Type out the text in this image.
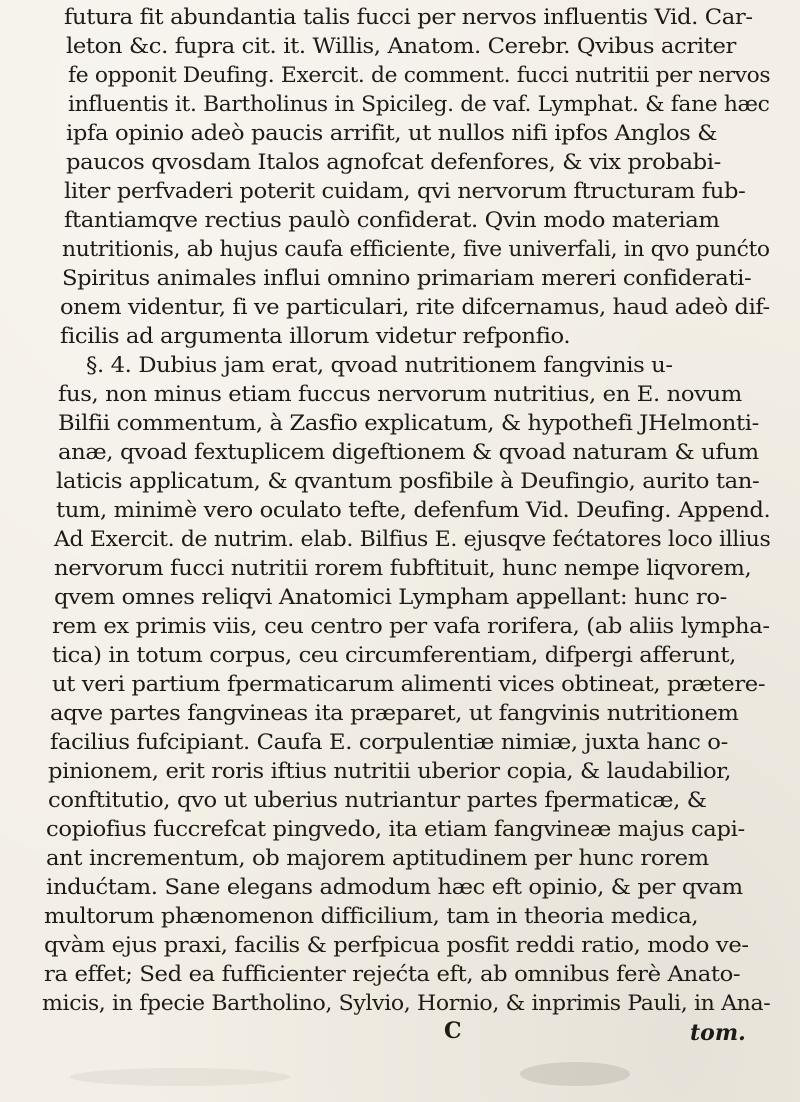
futura fit abundantia talis fucci per nervos influentis Vid. Car-
leton &c. fupra cit. it. Willis, Anatom. Cerebr. Qvibus acriter
fe opponit Deufing. Exercit. de comment. fucci nutritii per nervos
influentis it. Bartholinus in Spicileg. de vaf. Lymphat. & fane hæc
ipfa opinio adeò paucis arrifit, ut nullos nifi ipfos Anglos &
paucos qvosdam Italos agnofcat defenfores, & vix probabi-
liter perfvaderi poterit cuidam, qvi nervorum ftructuram fub-
ftantiamqve rectius paulò confiderat. Qvin modo materiam
nutritionis, ab hujus caufa efficiente, five univerfali, in qvo punćto
Spiritus animales influi omnino primariam mereri confiderati-
onem videntur, fi ve particulari, rite difcernamus, haud adeò dif-
ficilis ad argumenta illorum videtur refponfio.
§. 4. Dubius jam erat, qvoad nutritionem fangvinis u-
fus, non minus etiam fuccus nervorum nutritius, en E. novum
Bilfii commentum, à Zasfio explicatum, & hypothefi JHelmonti-
anæ, qvoad fextuplicem digeftionem & qvoad naturam & ufum
laticis applicatum, & qvantum posfibile à Deufingio, aurito tan-
tum, minimè vero oculato tefte, defenfum Vid. Deufing. Append.
Ad Exercit. de nutrim. elab. Bilfius E. ejusqve fećtatores loco illius
nervorum fucci nutritii rorem fubftituit, hunc nempe liqvorem,
qvem omnes reliqvi Anatomici Lympham appellant: hunc ro-
rem ex primis viis, ceu centro per vafa rorifera, (ab aliis lympha-
tica) in totum corpus, ceu circumferentiam, difpergi afferunt,
ut veri partium fpermaticarum alimenti vices obtineat, prætere-
aqve partes fangvineas ita præparet, ut fangvinis nutritionem
facilius fufcipiant. Caufa E. corpulentiæ nimiæ, juxta hanc o-
pinionem, erit roris iftius nutritii uberior copia, & laudabilior,
conftitutio, qvo ut uberius nutriantur partes fpermaticæ, &
copiofius fuccrefcat pingvedo, ita etiam fangvineæ majus capi-
ant incrementum, ob majorem aptitudinem per hunc rorem
indućtam. Sane elegans admodum hæc eft opinio, & per qvam
multorum phænomenon difficilium, tam in theoria medica,
qvàm ejus praxi, facilis & perfpicua posfit reddi ratio, modo ve-
ra effet; Sed ea fufficienter rejećta eft, ab omnibus ferè Anato-
micis, in fpecie Bartholino, Sylvio, Hornio, & inprimis Pauli, in Ana-
C	tom.
